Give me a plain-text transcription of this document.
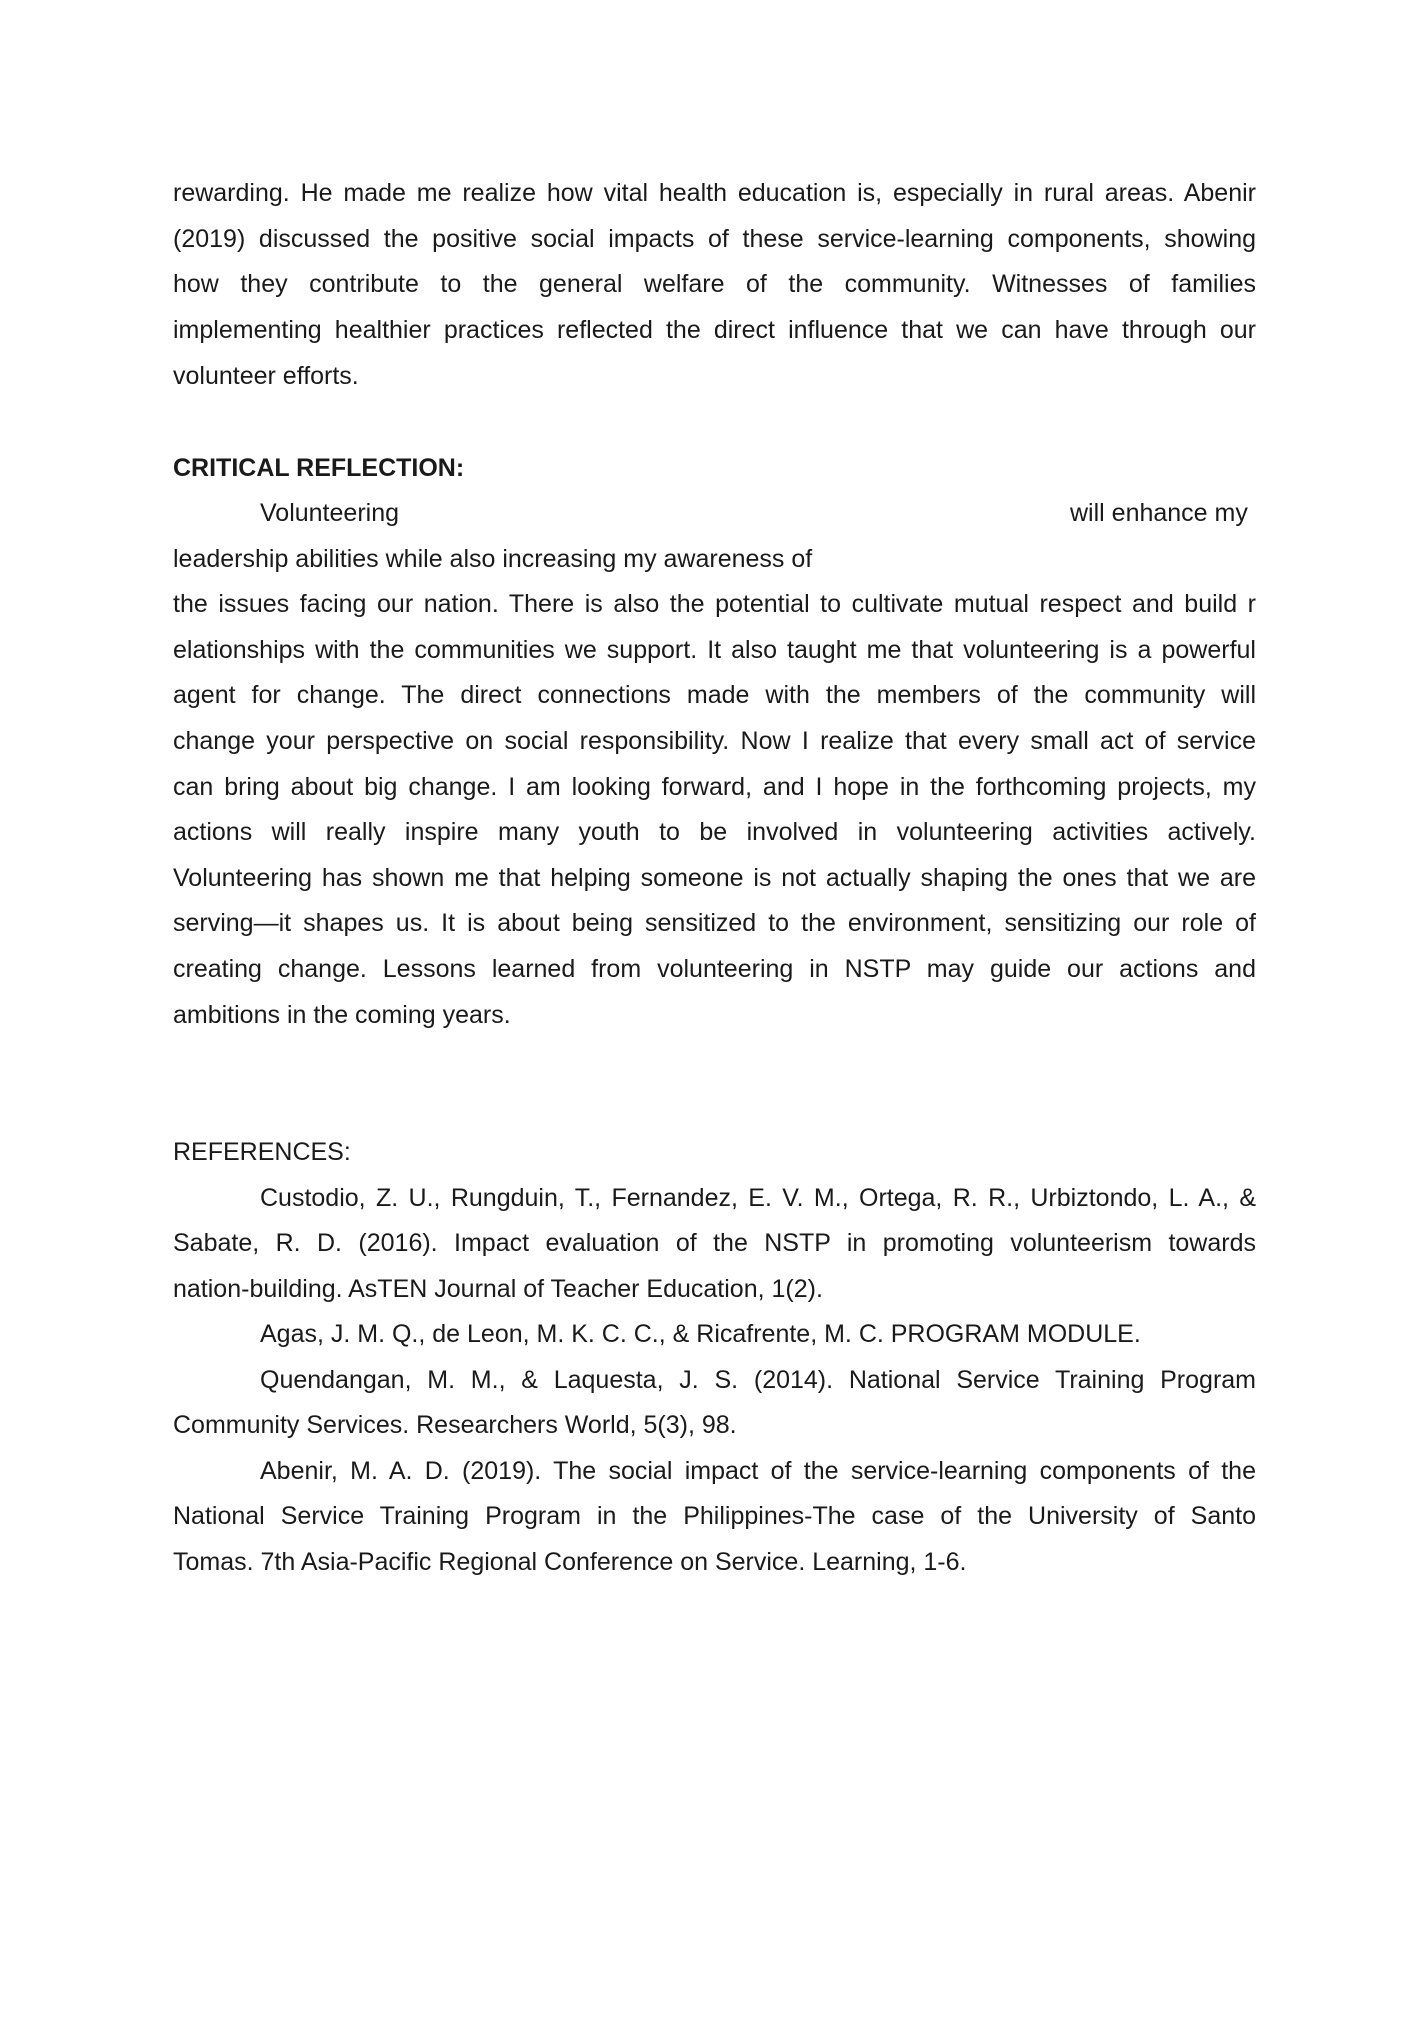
rewarding. He made me realize how vital health education is, especially in rural areas. Abenir
(2019) discussed the positive social impacts of these service-learning components, showing
how they contribute to the general welfare of the community. Witnesses of families
implementing healthier practices reflected the direct influence that we can have through our
volunteer efforts.
CRITICAL REFLECTION:
Volunteering	will enhance my
leadership abilities while also increasing my awareness of
the issues facing our nation. There is also the potential to cultivate mutual respect and build r
elationships with the communities we support. It also taught me that volunteering is a powerful
agent for change. The direct connections made with the members of the community will
change your perspective on social responsibility. Now I realize that every small act of service
can bring about big change. I am looking forward, and I hope in the forthcoming projects, my
actions will really inspire many youth to be involved in volunteering activities actively.
Volunteering has shown me that helping someone is not actually shaping the ones that we are
serving—it shapes us. It is about being sensitized to the environment, sensitizing our role of
creating change. Lessons learned from volunteering in NSTP may guide our actions and
ambitions in the coming years.
REFERENCES:
Custodio, Z. U., Rungduin, T., Fernandez, E. V. M., Ortega, R. R., Urbiztondo, L. A., &
Sabate, R. D. (2016). Impact evaluation of the NSTP in promoting volunteerism towards
nation-building. AsTEN Journal of Teacher Education, 1(2).
Agas, J. M. Q., de Leon, M. K. C. C., & Ricafrente, M. C. PROGRAM MODULE.
Quendangan, M. M., & Laquesta, J. S. (2014). National Service Training Program
Community Services. Researchers World, 5(3), 98.
Abenir, M. A. D. (2019). The social impact of the service-learning components of the
National Service Training Program in the Philippines-The case of the University of Santo
Tomas. 7th Asia-Pacific Regional Conference on Service. Learning, 1-6.
